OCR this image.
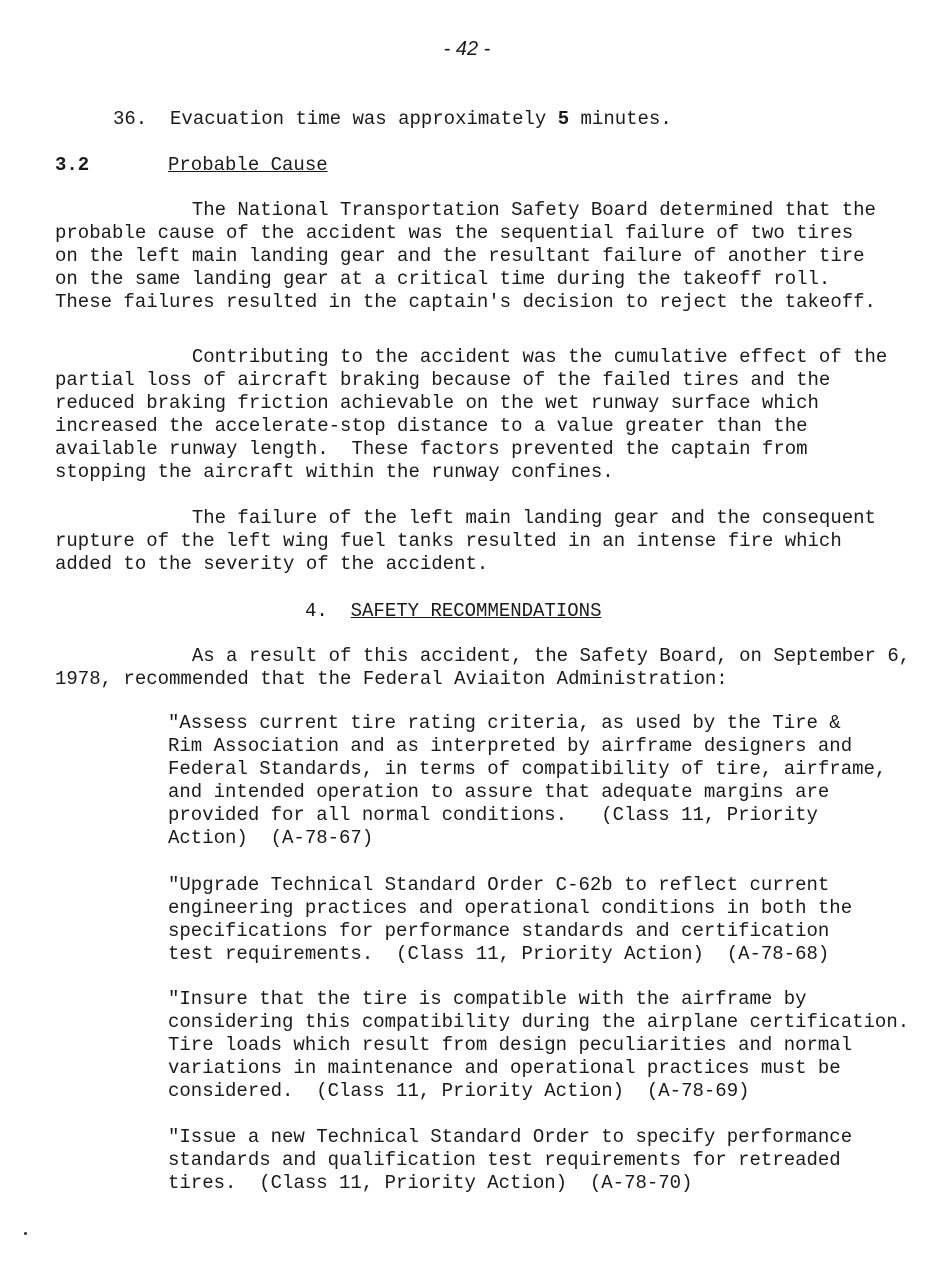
- 42 -
36. Evacuation time was approximately 5 minutes.
3.2	Probable Cause
The National Transportation Safety Board determined that the
probable cause of the accident was the sequential failure of two tires
on the left main landing gear and the resultant failure of another tire
on the same landing gear at a critical time during the takeoff roll.
These failures resulted in the captain's decision to reject the takeoff.
Contributing to the accident was the cumulative effect of the
partial loss of aircraft braking because of the failed tires and the
reduced braking friction achievable on the wet runway surface which
increased the accelerate-stop distance to a value greater than the
available runway length.  These factors prevented the captain from
stopping the aircraft within the runway confines.
The failure of the left main landing gear and the consequent
rupture of the left wing fuel tanks resulted in an intense fire which
added to the severity of the accident.
4. SAFETY RECOMMENDATIONS
As a result of this accident, the Safety Board, on September 6,
1978, recommended that the Federal Aviaiton Administration:
"Assess current tire rating criteria, as used by the Tire &
Rim Association and as interpreted by airframe designers and
Federal Standards, in terms of compatibility of tire, airframe,
and intended operation to assure that adequate margins are
provided for all normal conditions.   (Class 11, Priority
Action)  (A-78-67)
"Upgrade Technical Standard Order C-62b to reflect current
engineering practices and operational conditions in both the
specifications for performance standards and certification
test requirements.  (Class 11, Priority Action)  (A-78-68)
"Insure that the tire is compatible with the airframe by
considering this compatibility during the airplane certification.
Tire loads which result from design peculiarities and normal
variations in maintenance and operational practices must be
considered.  (Class 11, Priority Action)  (A-78-69)
"Issue a new Technical Standard Order to specify performance
standards and qualification test requirements for retreaded
tires.  (Class 11, Priority Action)  (A-78-70)
